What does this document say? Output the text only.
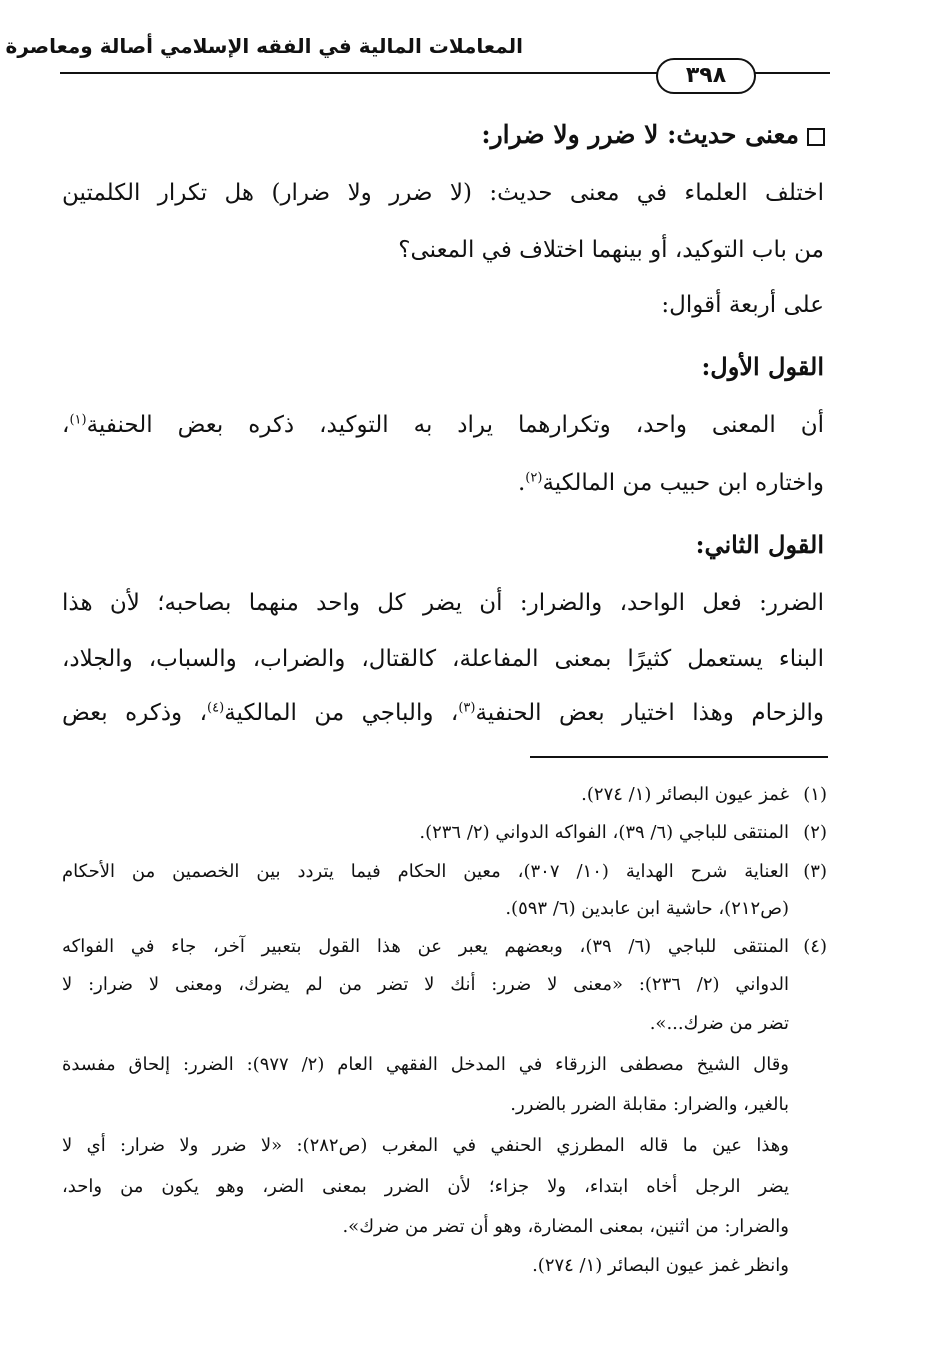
المعاملات المالية في الفقه الإسلامي أصالة ومعاصرة
٣٩٨
معنى حديث: لا ضرر ولا ضرار:
اختلف العلماء في معنى حديث: (لا ضرر ولا ضرار) هل تكرار الكلمتين
من باب التوكيد، أو بينهما اختلاف في المعنى؟
على أربعة أقوال:
القول الأول:
أن المعنى واحد، وتكرارهما يراد به التوكيد، ذكره بعض الحنفية$^{(١)}$،
واختاره ابن حبيب من المالكية$^{(٢)}$.
القول الثاني:
الضرر: فعل الواحد، والضرار: أن يضر كل واحد منهما بصاحبه؛ لأن هذا
البناء يستعمل كثيرًا بمعنى المفاعلة، كالقتال، والضراب، والسباب، والجلاد،
والزحام وهذا اختيار بعض الحنفية$^{(٣)}$، والباجي من المالكية$^{(٤)}$، وذكره بعض
(١)
غمز عيون البصائر (١/ ٢٧٤).
(٢)
المنتقى للباجي (٦/ ٣٩)، الفواكه الدواني (٢/ ٢٣٦).
(٣)
العناية شرح الهداية (١٠/ ٣٠٧)، معين الحكام فيما يتردد بين الخصمين من الأحكام
(ص٢١٢)، حاشية ابن عابدين (٦/ ٥٩٣).
(٤)
المنتقى للباجي (٦/ ٣٩)، وبعضهم يعبر عن هذا القول بتعبير آخر، جاء في الفواكه
الدواني (٢/ ٢٣٦): «معنى لا ضرر: أنك لا تضر من لم يضرك، ومعنى لا ضرار: لا
تضر من ضرك...».
وقال الشيخ مصطفى الزرقاء في المدخل الفقهي العام (٢/ ٩٧٧): الضرر: إلحاق مفسدة
بالغير، والضرار: مقابلة الضرر بالضرر.
وهذا عين ما قاله المطرزي الحنفي في المغرب (ص٢٨٢): «لا ضرر ولا ضرار: أي لا
يضر الرجل أخاه ابتداء، ولا جزاء؛ لأن الضرر بمعنى الضر، وهو يكون من واحد،
والضرار: من اثنين، بمعنى المضارة، وهو أن تضر من ضرك».
وانظر غمز عيون البصائر (١/ ٢٧٤).
